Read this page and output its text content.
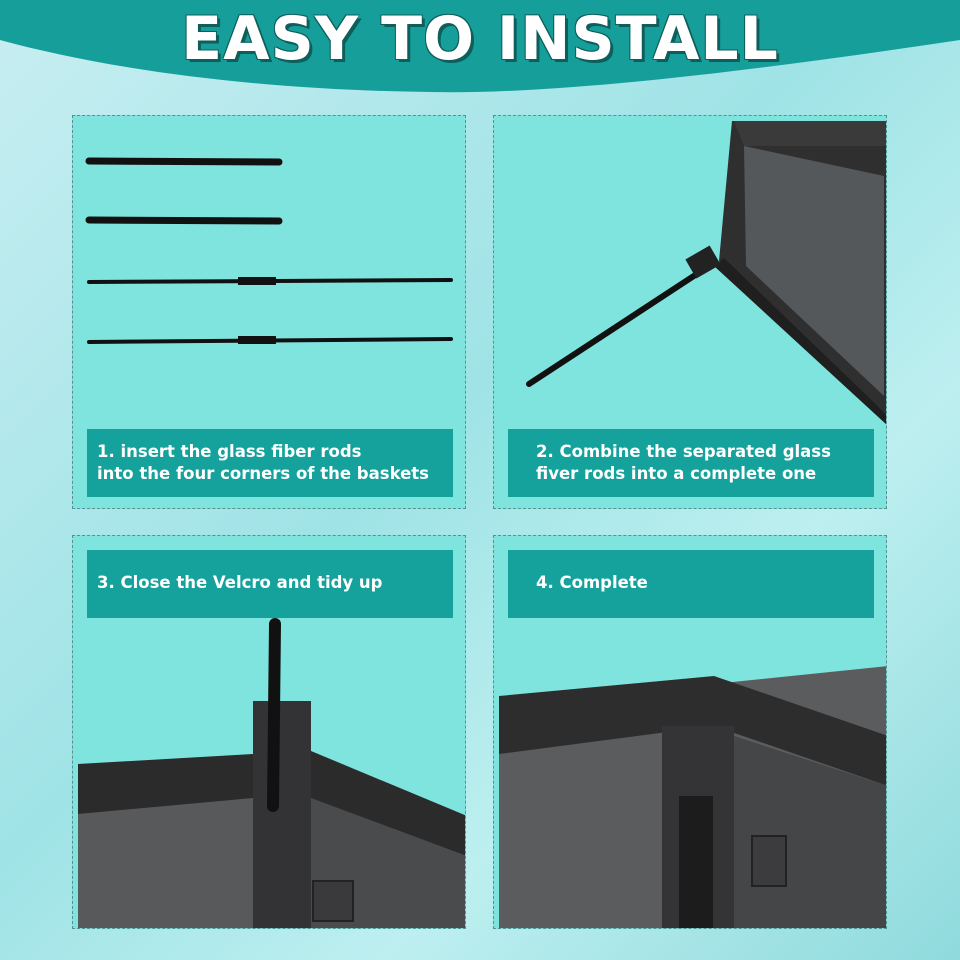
EASY TO INSTALL
1. insert the glass fiber rods
into the four corners of the baskets
2. Combine the separated glass
fiver rods into a complete one
3. Close the Velcro and tidy up	4. Complete
